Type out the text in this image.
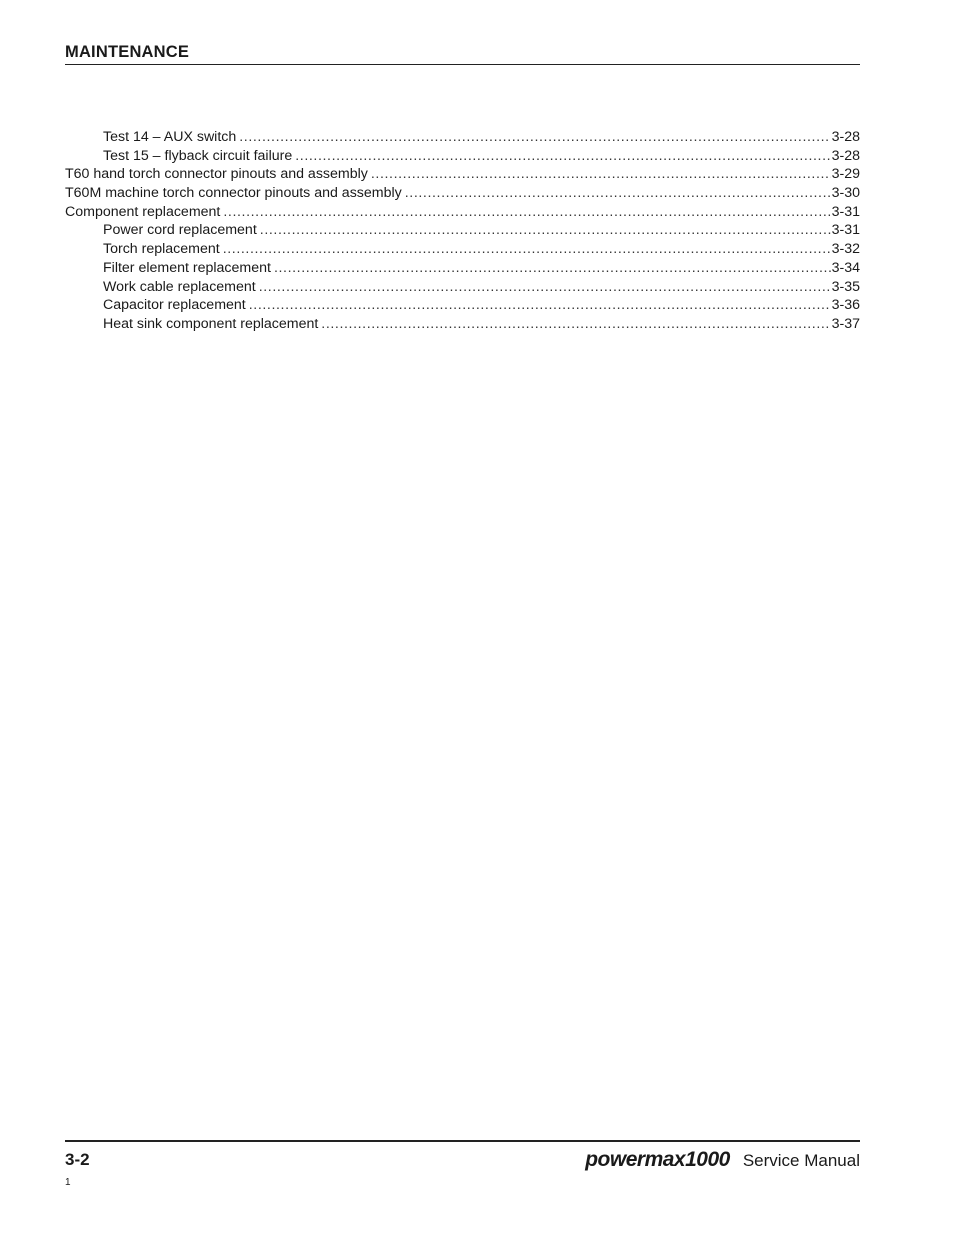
MAINTENANCE
Test 14 – AUX switch .....	3-28
Test 15 – flyback circuit failure .....	3-28
T60 hand torch connector pinouts and assembly .....	3-29
T60M machine torch connector pinouts and assembly .....	3-30
Component replacement .....	3-31
Power cord replacement .....	3-31
Torch replacement .....	3-32
Filter element replacement .....	3-34
Work cable replacement .....	3-35
Capacitor replacement .....	3-36
Heat sink component replacement .....	3-37
3-2	powermax1000 Service Manual
1
